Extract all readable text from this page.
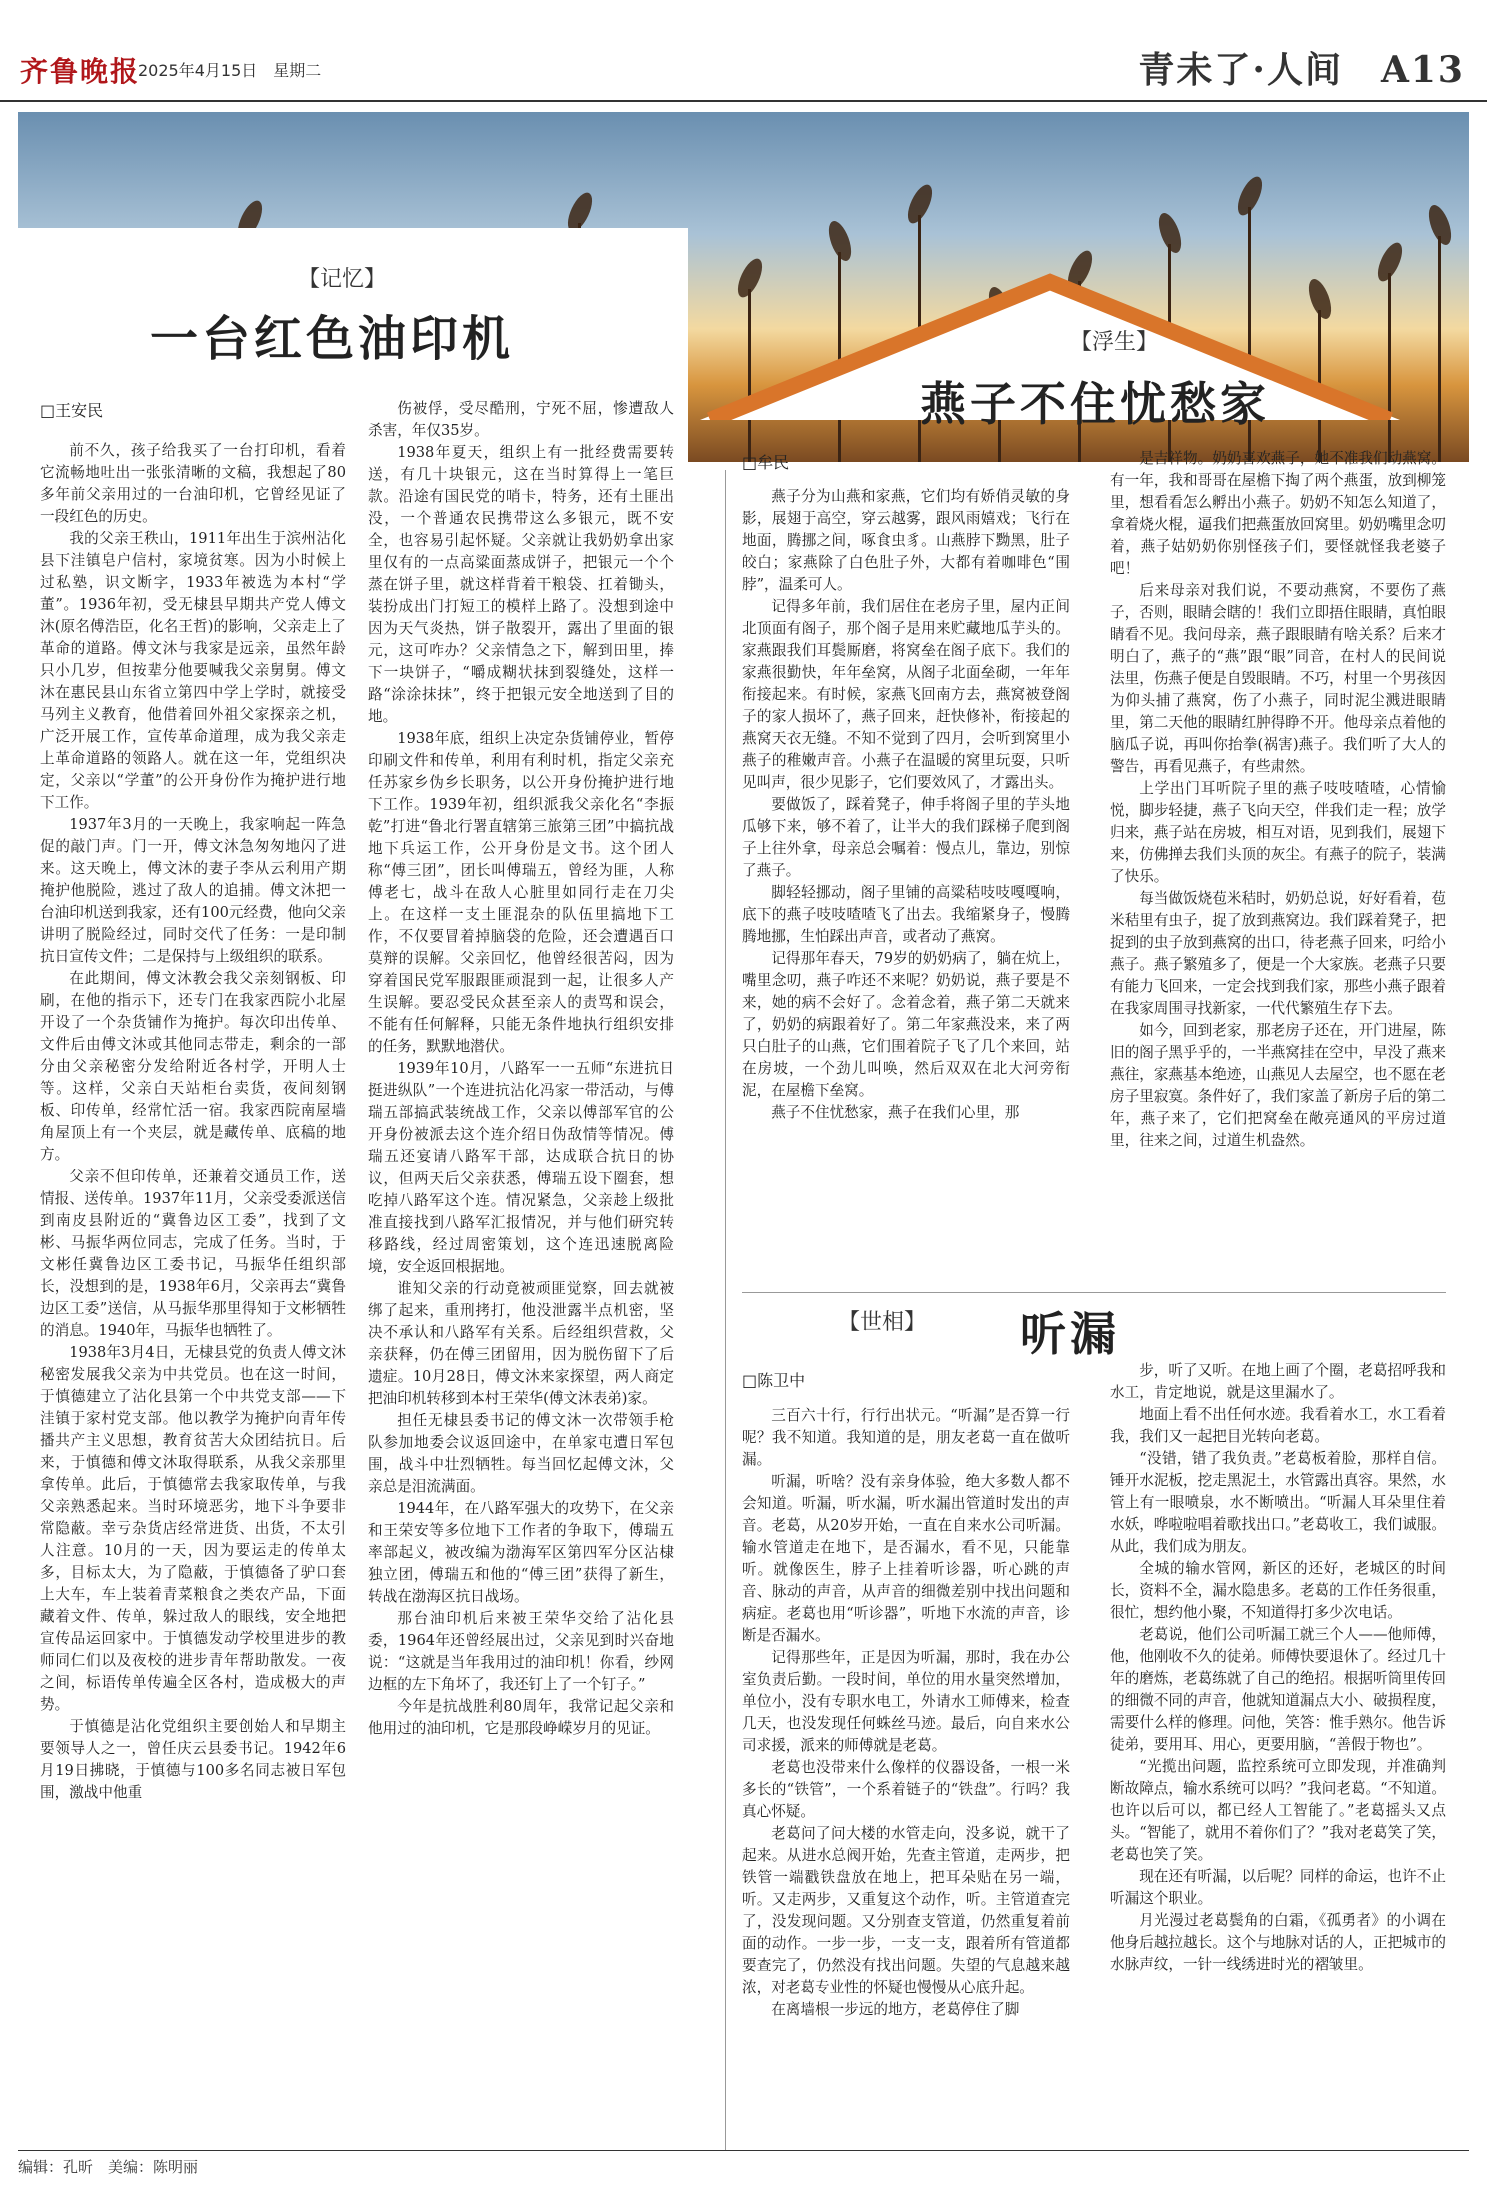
齐鲁晚报
2025年4月15日　星期二	青未了·人间　A13
【记忆】
一台红色油印机
□王安民

前不久，孩子给我买了一台打印机，看着它流畅地吐出一张张清晰的文稿，我想起了80多年前父亲用过的一台油印机，它曾经见证了一段红色的历史。

我的父亲王秩山，1911年出生于滨州沾化县下洼镇皂户信村，家境贫寒。因为小时候上过私塾，识文断字，1933年被选为本村“学董”。1936年初，受无棣县早期共产党人傅文沐(原名傅浩臣，化名王哲)的影响，父亲走上了革命的道路。傅文沐与我家是远亲，虽然年龄只小几岁，但按辈分他要喊我父亲舅舅。傅文沐在惠民县山东省立第四中学上学时，就接受马列主义教育，他借着回外祖父家探亲之机，广泛开展工作，宣传革命道理，成为我父亲走上革命道路的领路人。就在这一年，党组织决定，父亲以“学董”的公开身份作为掩护进行地下工作。

1937年3月的一天晚上，我家响起一阵急促的敲门声。门一开，傅文沐急匆匆地闪了进来。这天晚上，傅文沐的妻子李从云利用产期掩护他脱险，逃过了敌人的追捕。傅文沐把一台油印机送到我家，还有100元经费，他向父亲讲明了脱险经过，同时交代了任务：一是印制抗日宣传文件；二是保持与上级组织的联系。

在此期间，傅文沐教会我父亲刻钢板、印刷，在他的指示下，还专门在我家西院小北屋开设了一个杂货铺作为掩护。每次印出传单、文件后由傅文沐或其他同志带走，剩余的一部分由父亲秘密分发给附近各村学，开明人士等。这样，父亲白天站柜台卖货，夜间刻钢板、印传单，经常忙活一宿。我家西院南屋墙角屋顶上有一个夹层，就是藏传单、底稿的地方。

父亲不但印传单，还兼着交通员工作，送情报、送传单。1937年11月，父亲受委派送信到南皮县附近的“冀鲁边区工委”，找到了文彬、马振华两位同志，完成了任务。当时，于文彬任冀鲁边区工委书记，马振华任组织部长，没想到的是，1938年6月，父亲再去“冀鲁边区工委”送信，从马振华那里得知于文彬牺牲的消息。1940年，马振华也牺牲了。

1938年3月4日，无棣县党的负责人傅文沐秘密发展我父亲为中共党员。也在这一时间，于慎德建立了沾化县第一个中共党支部——下洼镇于家村党支部。他以教学为掩护向青年传播共产主义思想，教育贫苦大众团结抗日。后来，于慎德和傅文沐取得联系，从我父亲那里拿传单。此后，于慎德常去我家取传单，与我父亲熟悉起来。当时环境恶劣，地下斗争要非常隐蔽。幸亏杂货店经常进货、出货，不太引人注意。10月的一天，因为要运走的传单太多，目标太大，为了隐蔽，于慎德备了驴口套上大车，车上装着青菜粮食之类农产品，下面藏着文件、传单，躲过敌人的眼线，安全地把宣传品运回家中。于慎德发动学校里进步的教师同仁们以及夜校的进步青年帮助散发。一夜之间，标语传单传遍全区各村，造成极大的声势。

于慎德是沾化党组织主要创始人和早期主要领导人之一，曾任庆云县委书记。1942年6月19日拂晓，于慎德与100多名同志被日军包围，激战中他重

伤被俘，受尽酷刑，宁死不屈，惨遭敌人杀害，年仅35岁。

1938年夏天，组织上有一批经费需要转送，有几十块银元，这在当时算得上一笔巨款。沿途有国民党的哨卡，特务，还有土匪出没，一个普通农民携带这么多银元，既不安全，也容易引起怀疑。父亲就让我奶奶拿出家里仅有的一点高粱面蒸成饼子，把银元一个个蒸在饼子里，就这样背着干粮袋、扛着锄头，装扮成出门打短工的模样上路了。没想到途中因为天气炎热，饼子散裂开，露出了里面的银元，这可咋办？父亲情急之下，解到田里，捧下一块饼子，“嚼成糊状抹到裂缝处，这样一路“涂涂抹抹”，终于把银元安全地送到了目的地。

1938年底，组织上决定杂货铺停业，暂停印刷文件和传单，利用有利时机，指定父亲充任苏家乡伪乡长职务，以公开身份掩护进行地下工作。1939年初，组织派我父亲化名“李振乾”打进“鲁北行署直辖第三旅第三团”中搞抗战地下兵运工作，公开身份是文书。这个团人称“傅三团”，团长叫傅瑞五，曾经为匪，人称傅老七，战斗在敌人心脏里如同行走在刀尖上。在这样一支土匪混杂的队伍里搞地下工作，不仅要冒着掉脑袋的危险，还会遭遇百口莫辩的误解。父亲回忆，他曾经很苦闷，因为穿着国民党军服跟匪顽混到一起，让很多人产生误解。要忍受民众甚至亲人的责骂和误会，不能有任何解释，只能无条件地执行组织安排的任务，默默地潜伏。

1939年10月，八路军一一五师“东进抗日挺进纵队”一个连进抗沾化冯家一带活动，与傅瑞五部搞武装统战工作，父亲以傅部军官的公开身份被派去这个连介绍日伪敌情等情况。傅瑞五还宴请八路军干部，达成联合抗日的协议，但两天后父亲获悉，傅瑞五设下圈套，想吃掉八路军这个连。情况紧急，父亲趁上级批准直接找到八路军汇报情况，并与他们研究转移路线，经过周密策划，这个连迅速脱离险境，安全返回根据地。

谁知父亲的行动竟被顽匪觉察，回去就被绑了起来，重刑拷打，他没泄露半点机密，坚决不承认和八路军有关系。后经组织营救，父亲获释，仍在傅三团留用，因为脱伤留下了后遗症。10月28日，傅文沐来家探望，两人商定把油印机转移到本村王荣华(傅文沐表弟)家。

担任无棣县委书记的傅文沐一次带领手枪队参加地委会议返回途中，在单家屯遭日军包围，战斗中壮烈牺牲。每当回忆起傅文沐，父亲总是泪流满面。

1944年，在八路军强大的攻势下，在父亲和王荣安等多位地下工作者的争取下，傅瑞五率部起义，被改编为渤海军区第四军分区沾棣独立团，傅瑞五和他的“傅三团”获得了新生，转战在渤海区抗日战场。

那台油印机后来被王荣华交给了沾化县委，1964年还曾经展出过，父亲见到时兴奋地说：“这就是当年我用过的油印机！你看，纱网边框的左下角坏了，我还钉上了一个钉子。”

今年是抗战胜利80周年，我常记起父亲和他用过的油印机，它是那段峥嵘岁月的见证。

【浮生】
燕子不住忧愁家
□牟民

燕子分为山燕和家燕，它们均有娇俏灵敏的身影，展翅于高空，穿云越雾，跟风雨嬉戏；飞行在地面，腾挪之间，啄食虫豸。山燕脖下黝黑，肚子皎白；家燕除了白色肚子外，大都有着咖啡色“围脖”，温柔可人。

记得多年前，我们居住在老房子里，屋内正间北顶面有阁子，那个阁子是用来贮藏地瓜芋头的。家燕跟我们耳鬓厮磨，将窝垒在阁子底下。我们的家燕很勤快，年年垒窝，从阁子北面垒砌，一年年衔接起来。有时候，家燕飞回南方去，燕窝被登阁子的家人损坏了，燕子回来，赶快修补，衔接起的燕窝天衣无缝。不知不觉到了四月，会听到窝里小燕子的稚嫩声音。小燕子在温暖的窝里玩耍，只听见叫声，很少见影子，它们要效风了，才露出头。

要做饭了，踩着凳子，伸手将阁子里的芋头地瓜够下来，够不着了，让半大的我们踩梯子爬到阁子上往外拿，母亲总会嘱着：慢点儿，靠边，别惊了燕子。

脚轻轻挪动，阁子里铺的高粱秸吱吱嘎嘎响，底下的燕子吱吱喳喳飞了出去。我缩紧身子，慢腾腾地挪，生怕踩出声音，或者动了燕窝。

记得那年春天，79岁的奶奶病了，躺在炕上，嘴里念叨，燕子咋还不来呢？奶奶说，燕子要是不来，她的病不会好了。念着念着，燕子第二天就来了，奶奶的病跟着好了。第二年家燕没来，来了两只白肚子的山燕，它们围着院子飞了几个来回，站在房坡，一个劲儿叫唤，然后双双在北大河旁衔泥，在屋檐下垒窝。

燕子不住忧愁家，燕子在我们心里，那

是吉祥物。奶奶喜欢燕子，她不准我们动燕窝。有一年，我和哥哥在屋檐下掏了两个燕蛋，放到柳笼里，想看看怎么孵出小燕子。奶奶不知怎么知道了，拿着烧火棍，逼我们把燕蛋放回窝里。奶奶嘴里念叨着，燕子姑奶奶你别怪孩子们，要怪就怪我老婆子吧！

后来母亲对我们说，不要动燕窝，不要伤了燕子，否则，眼睛会瞎的！我们立即捂住眼睛，真怕眼睛看不见。我问母亲，燕子跟眼睛有啥关系？后来才明白了，燕子的“燕”跟“眼”同音，在村人的民间说法里，伤燕子便是自毁眼睛。不巧，村里一个男孩因为仰头捕了燕窝，伤了小燕子，同时泥尘溅进眼睛里，第二天他的眼睛红肿得睁不开。他母亲点着他的脑瓜子说，再叫你抬拳(祸害)燕子。我们听了大人的警告，再看见燕子，有些肃然。

上学出门耳听院子里的燕子吱吱喳喳，心情愉悦，脚步轻捷，燕子飞向天空，伴我们走一程；放学归来，燕子站在房坡，相互对语，见到我们，展翅下来，仿佛掸去我们头顶的灰尘。有燕子的院子，装满了快乐。

每当做饭烧苞米秸时，奶奶总说，好好看着，苞米秸里有虫子，捉了放到燕窝边。我们踩着凳子，把捉到的虫子放到燕窝的出口，待老燕子回来，叼给小燕子。燕子繁殖多了，便是一个大家族。老燕子只要有能力飞回来，一定会找到我们家，那些小燕子跟着在我家周围寻找新家，一代代繁殖生存下去。

如今，回到老家，那老房子还在，开门进屋，陈旧的阁子黑乎乎的，一半燕窝挂在空中，早没了燕来燕往，家燕基本绝迹，山燕见人去屋空，也不愿在老房子里寂寞。条件好了，我们家盖了新房子后的第二年，燕子来了，它们把窝垒在敞亮通风的平房过道里，往来之间，过道生机盎然。

【世相】 听漏
□陈卫中

三百六十行，行行出状元。“听漏”是否算一行呢？我不知道。我知道的是，朋友老葛一直在做听漏。

听漏，听啥？没有亲身体验，绝大多数人都不会知道。听漏，听水漏，听水漏出管道时发出的声音。老葛，从20岁开始，一直在自来水公司听漏。输水管道走在地下，是否漏水，看不见，只能靠听。就像医生，脖子上挂着听诊器，听心跳的声音、脉动的声音，从声音的细微差别中找出问题和病症。老葛也用“听诊器”，听地下水流的声音，诊断是否漏水。

记得那些年，正是因为听漏，那时，我在办公室负责后勤。一段时间，单位的用水量突然增加，单位小，没有专职水电工，外请水工师傅来，检查几天，也没发现任何蛛丝马迹。最后，向自来水公司求援，派来的师傅就是老葛。

老葛也没带来什么像样的仪器设备，一根一米多长的“铁管”，一个系着链子的“铁盘”。行吗？我真心怀疑。

老葛问了问大楼的水管走向，没多说，就干了起来。从进水总阀开始，先查主管道，走两步，把铁管一端戳铁盘放在地上，把耳朵贴在另一端，听。又走两步，又重复这个动作，听。主管道查完了，没发现问题。又分别查支管道，仍然重复着前面的动作。一步一步，一支一支，跟着所有管道都要查完了，仍然没有找出问题。失望的气息越来越浓，对老葛专业性的怀疑也慢慢从心底升起。

在离墙根一步远的地方，老葛停住了脚

步，听了又听。在地上画了个圈，老葛招呼我和水工，肯定地说，就是这里漏水了。

地面上看不出任何水迹。我看着水工，水工看着我，我们又一起把目光转向老葛。

“没错，错了我负责。”老葛板着脸，那样自信。锤开水泥板，挖走黑泥土，水管露出真容。果然，水管上有一眼喷泉，水不断喷出。“听漏人耳朵里住着水妖，哗啦啦唱着歌找出口。”老葛收工，我们诚服。从此，我们成为朋友。

全城的输水管网，新区的还好，老城区的时间长，资料不全，漏水隐患多。老葛的工作任务很重，很忙，想约他小聚，不知道得打多少次电话。

老葛说，他们公司听漏工就三个人——他师傅，他，他刚收不久的徒弟。师傅快要退休了。经过几十年的磨炼，老葛练就了自己的绝招。根据听筒里传回的细微不同的声音，他就知道漏点大小、破损程度，需要什么样的修理。问他，笑答：惟手熟尔。他告诉徒弟，要用耳、用心，更要用脑，“善假于物也”。

“光揽出问题，监控系统可立即发现，并准确判断故障点，输水系统可以吗？”我问老葛。“不知道。也许以后可以，都已经人工智能了。”老葛摇头又点头。“智能了，就用不着你们了？”我对老葛笑了笑，老葛也笑了笑。

现在还有听漏，以后呢？同样的命运，也许不止听漏这个职业。

月光漫过老葛鬓角的白霜，《孤勇者》的小调在他身后越拉越长。这个与地脉对话的人，正把城市的水脉声纹，一针一线绣进时光的褶皱里。

编辑：孔昕　美编：陈明丽
